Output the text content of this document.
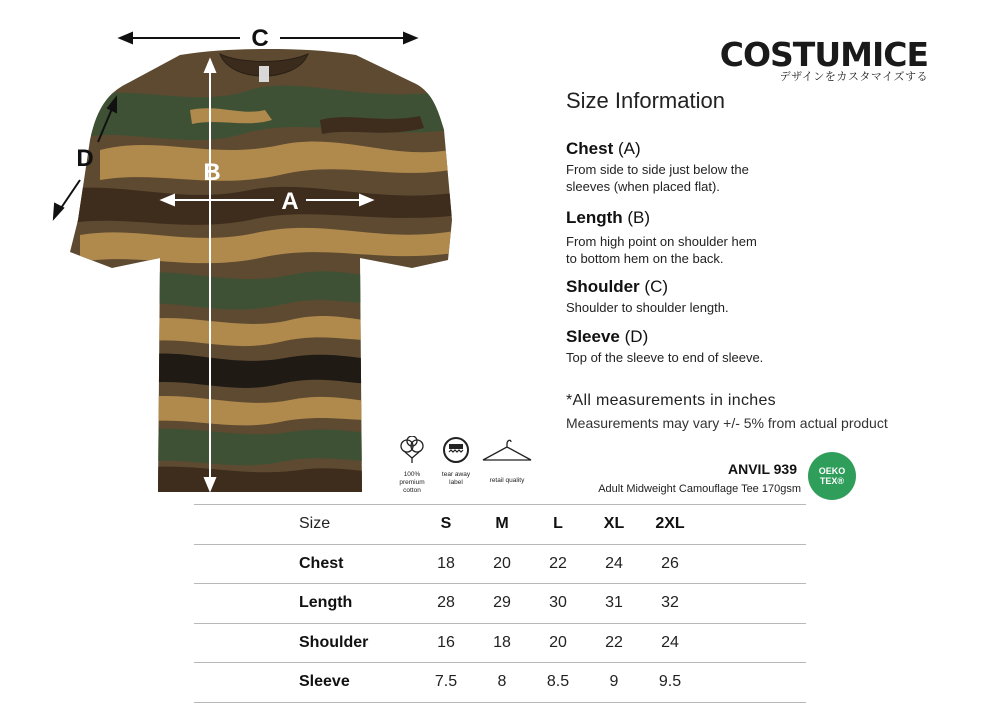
C
D
B
A
COSTUMICE
デザインをカスタマイズする
Size Information
Chest (A)
From side to side just below the
sleeves (when placed flat).
Length (B)
From high point on shoulder hem
to bottom hem on the back.
Shoulder (C)
Shoulder to shoulder length.
Sleeve (D)
Top of the sleeve to end of sleeve.
*All measurements in inches
Measurements may vary +/- 5% from actual product
100%
premium
cotton
tear away
label	retail quality
ANVIL 939
Adult Midweight Camouflage Tee 170gsm
OEKO
TEX®
Size	S	M	L	XL	2XL
Chest	18	20	22	24	26
Length	28	29	30	31	32
Shoulder	16	18	20	22	24
Sleeve	7.5	8	8.5	9	9.5
